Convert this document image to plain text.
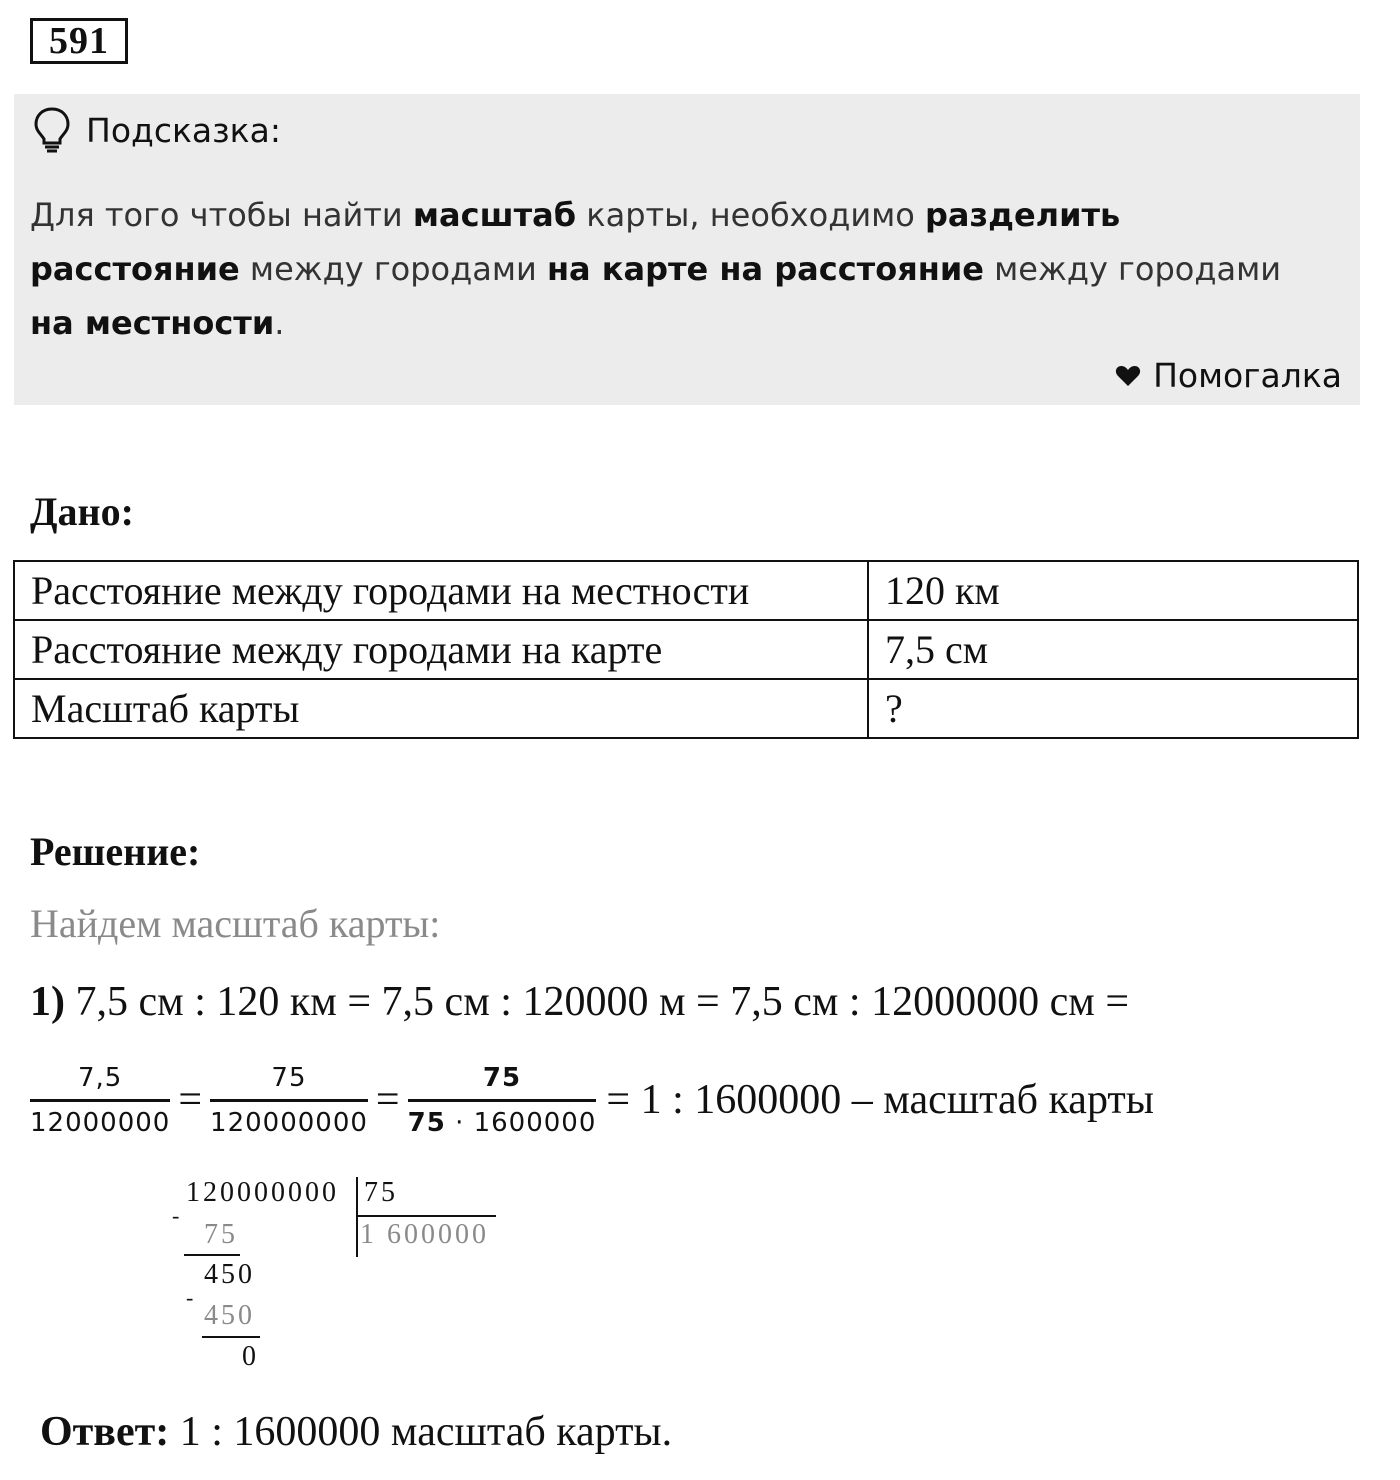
591
Подсказка:
Для того чтобы найти масштаб карты, необходимо разделить расстояние между городами на карте на расстояние между городами на местности.
Помогалка
Дано:
Расстояние между городами на местности	120 км
Расстояние между городами на карте	7,5 см
Масштаб карты	?
Решение:
Найдем масштаб карты:
1) 7,5 см : 120 км = 7,5 см : 120000 м = 7,5 см : 12000000 см =
$\frac{7,5}{12000000} = \frac{75}{120000000} = \frac{75}{75 \cdot 1600000} = 1$ : 1600000 – масштаб карты
120000000 75
1 600000
-
75
450
-
450
0
Ответ: 1 : 1600000 масштаб карты.
